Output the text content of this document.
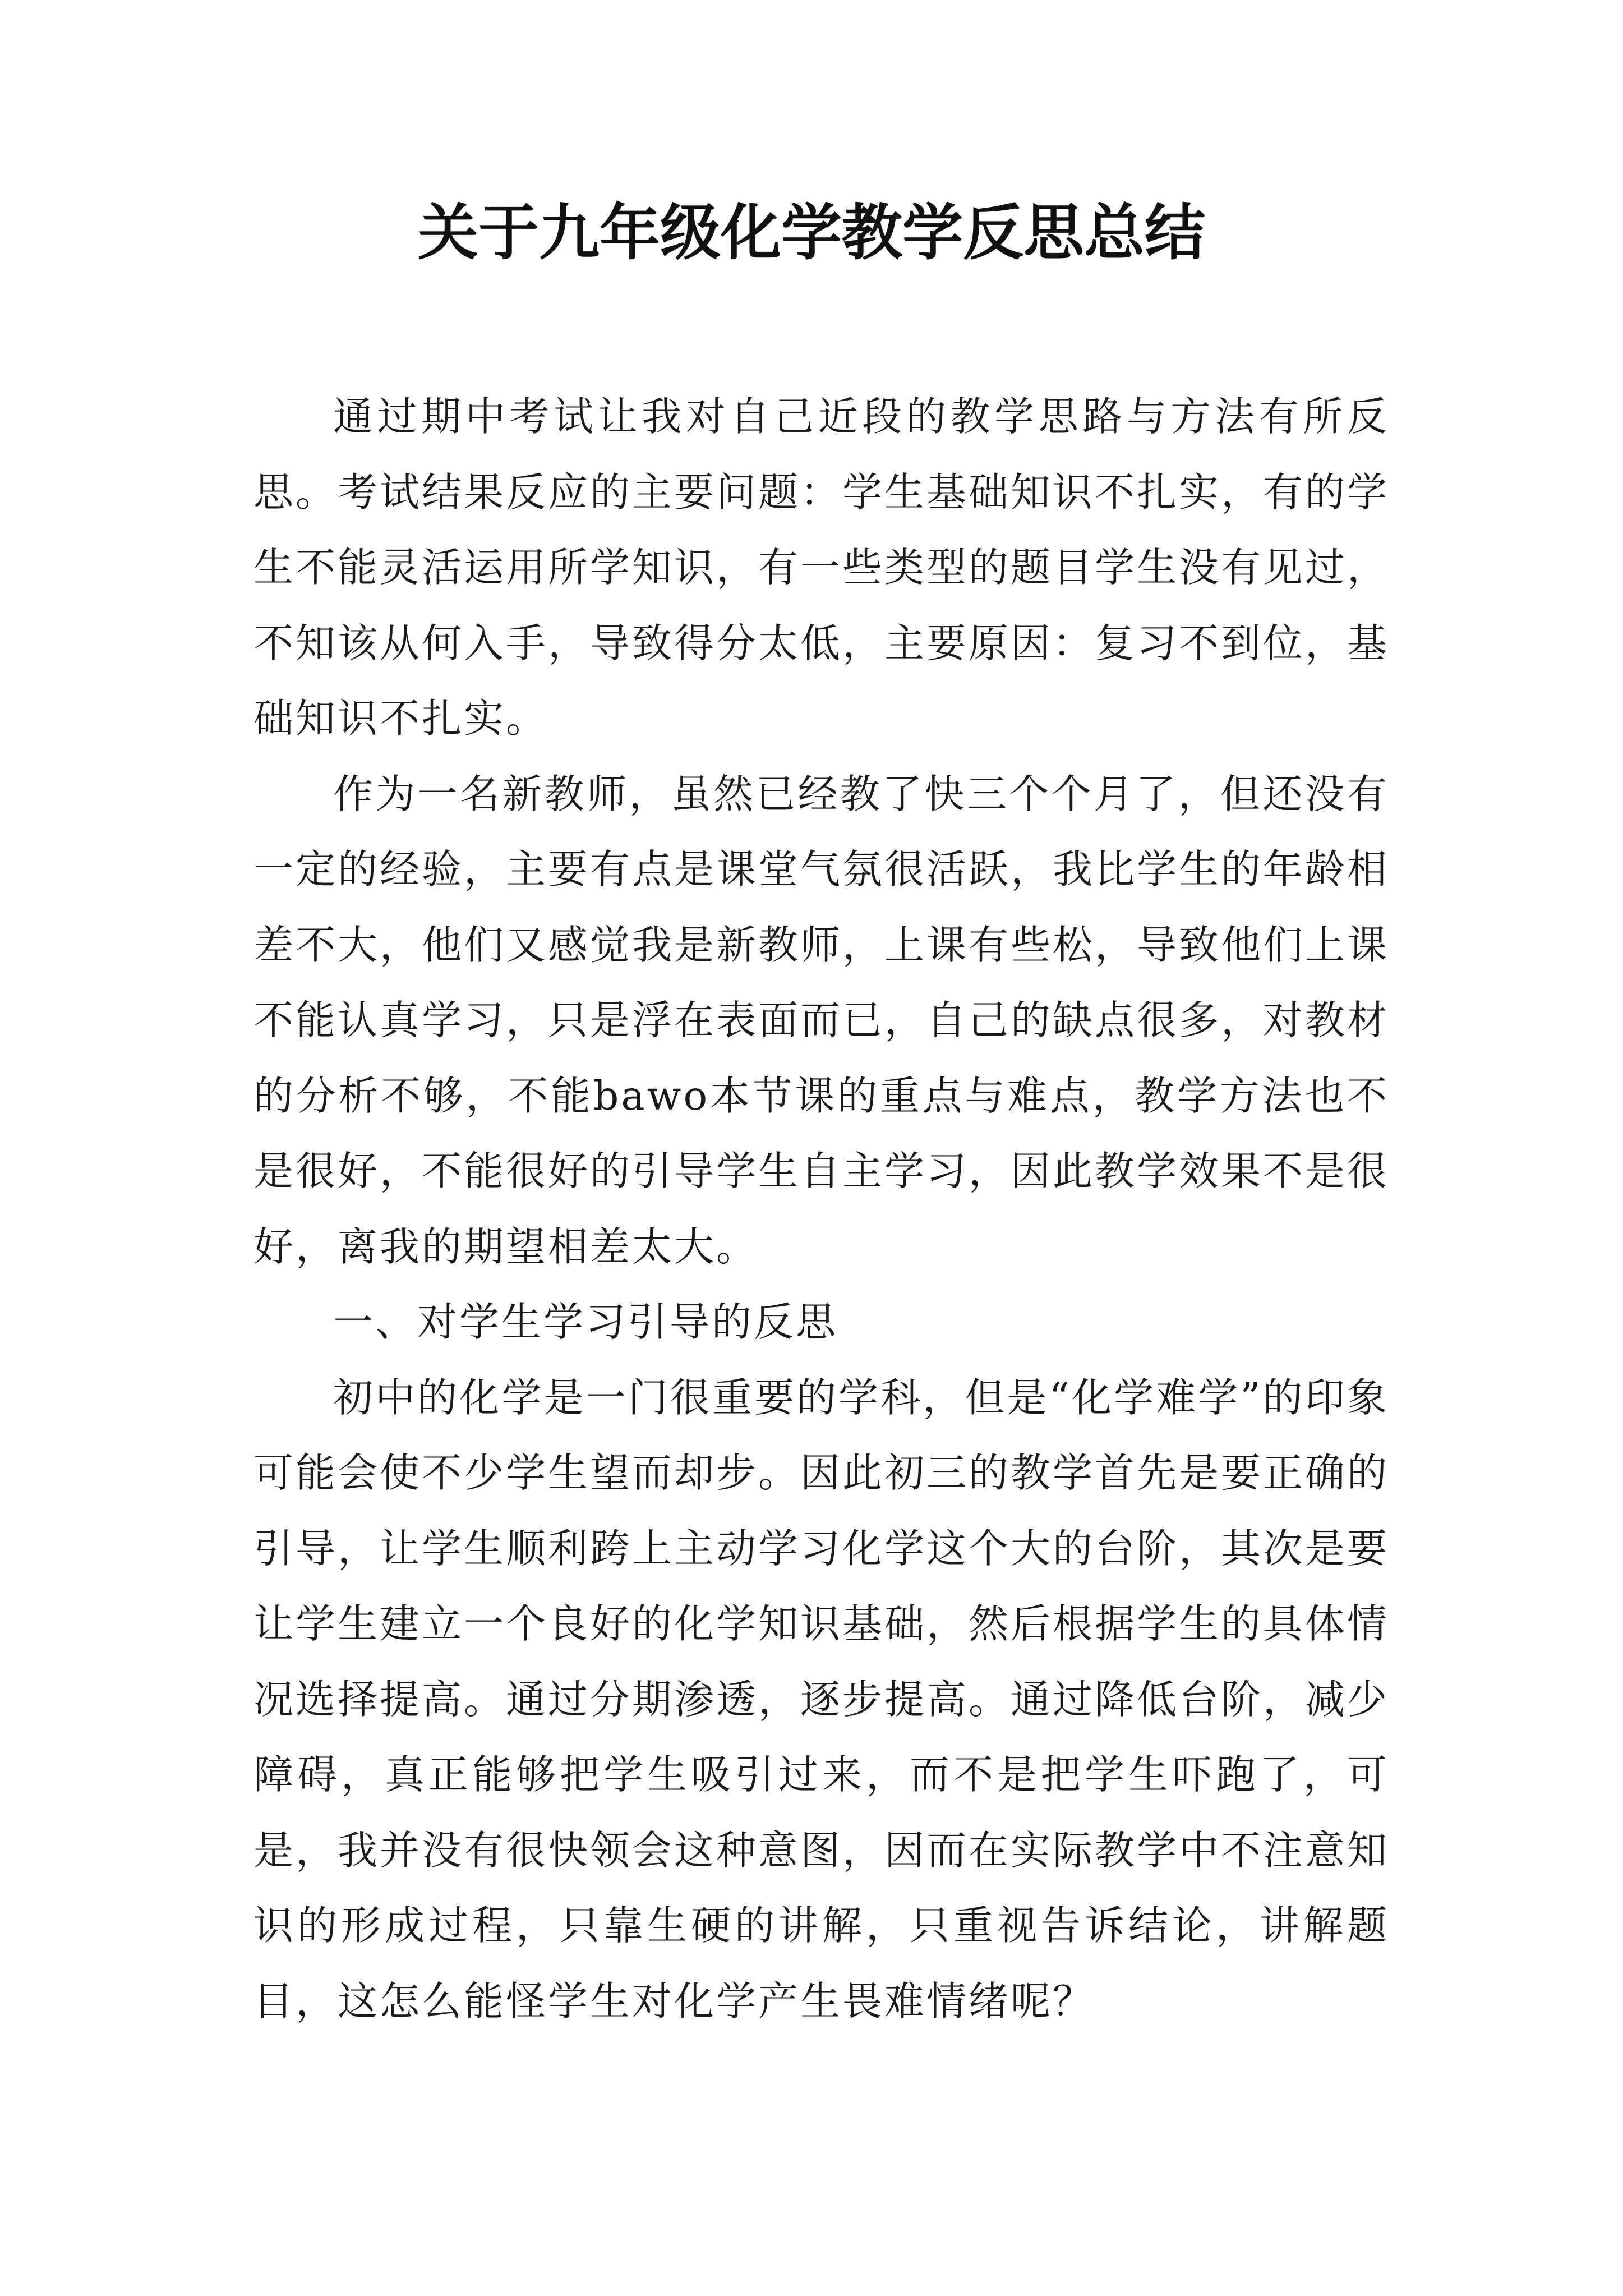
关于九年级化学教学反思总结

通过期中考试让我对自己近段的教学思路与方法有所反思。考试结果反应的主要问题：学生基础知识不扎实，有的学生不能灵活运用所学知识，有一些类型的题目学生没有见过，不知该从何入手，导致得分太低，主要原因：复习不到位，基础知识不扎实。

作为一名新教师，虽然已经教了快三个个月了，但还没有一定的经验，主要有点是课堂气氛很活跃，我比学生的年龄相差不大，他们又感觉我是新教师，上课有些松，导致他们上课不能认真学习，只是浮在表面而已，自己的缺点很多，对教材的分析不够，不能bawo本节课的重点与难点，教学方法也不是很好，不能很好的引导学生自主学习，因此教学效果不是很好，离我的期望相差太大。

一、对学生学习引导的反思

初中的化学是一门很重要的学科，但是“化学难学”的印象可能会使不少学生望而却步。因此初三的教学首先是要正确的引导，让学生顺利跨上主动学习化学这个大的台阶，其次是要让学生建立一个良好的化学知识基础，然后根据学生的具体情况选择提高。通过分期渗透，逐步提高。通过降低台阶，减少障碍，真正能够把学生吸引过来，而不是把学生吓跑了，可是，我并没有很快领会这种意图，因而在实际教学中不注意知识的形成过程，只靠生硬的讲解，只重视告诉结论，讲解题目，这怎么能怪学生对化学产生畏难情绪呢？
